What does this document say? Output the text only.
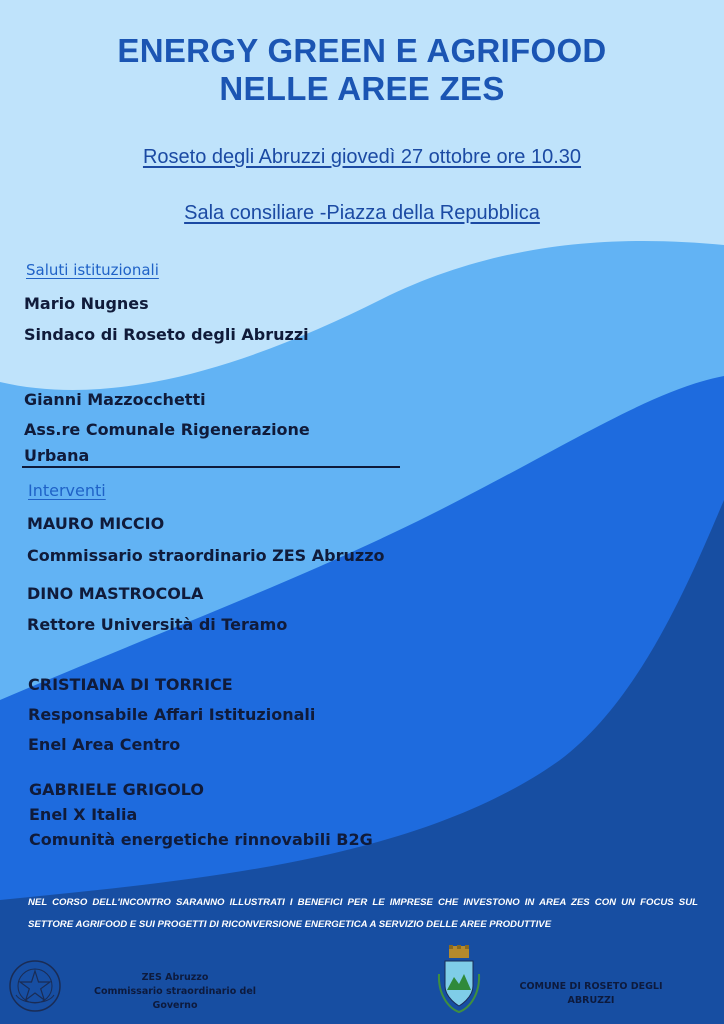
ENERGY GREEN E AGRIFOOD
NELLE AREE ZES
Roseto degli Abruzzi giovedì 27 ottobre ore 10.30
Sala consiliare -Piazza della Repubblica
Saluti istituzionali
Mario Nugnes
Sindaco di Roseto degli Abruzzi
Gianni Mazzocchetti
Ass.re Comunale Rigenerazione
Urbana
Interventi
MAURO MICCIO
Commissario straordinario ZES Abruzzo
DINO MASTROCOLA
Rettore Università di Teramo
CRISTIANA DI TORRICE
Responsabile Affari Istituzionali
Enel Area Centro
GABRIELE GRIGOLO
Enel X Italia
Comunità energetiche rinnovabili B2G
NEL CORSO DELL'INCONTRO SARANNO ILLUSTRATI I BENEFICI PER LE IMPRESE CHE INVESTONO IN AREA ZES CON UN FOCUS SUL SETTORE AGRIFOOD E SUI PROGETTI DI RICONVERSIONE ENERGETICA A SERVIZIO DELLE AREE PRODUTTIVE
ZES Abruzzo
Commissario straordinario del Governo
COMUNE DI ROSETO DEGLI ABRUZZI
